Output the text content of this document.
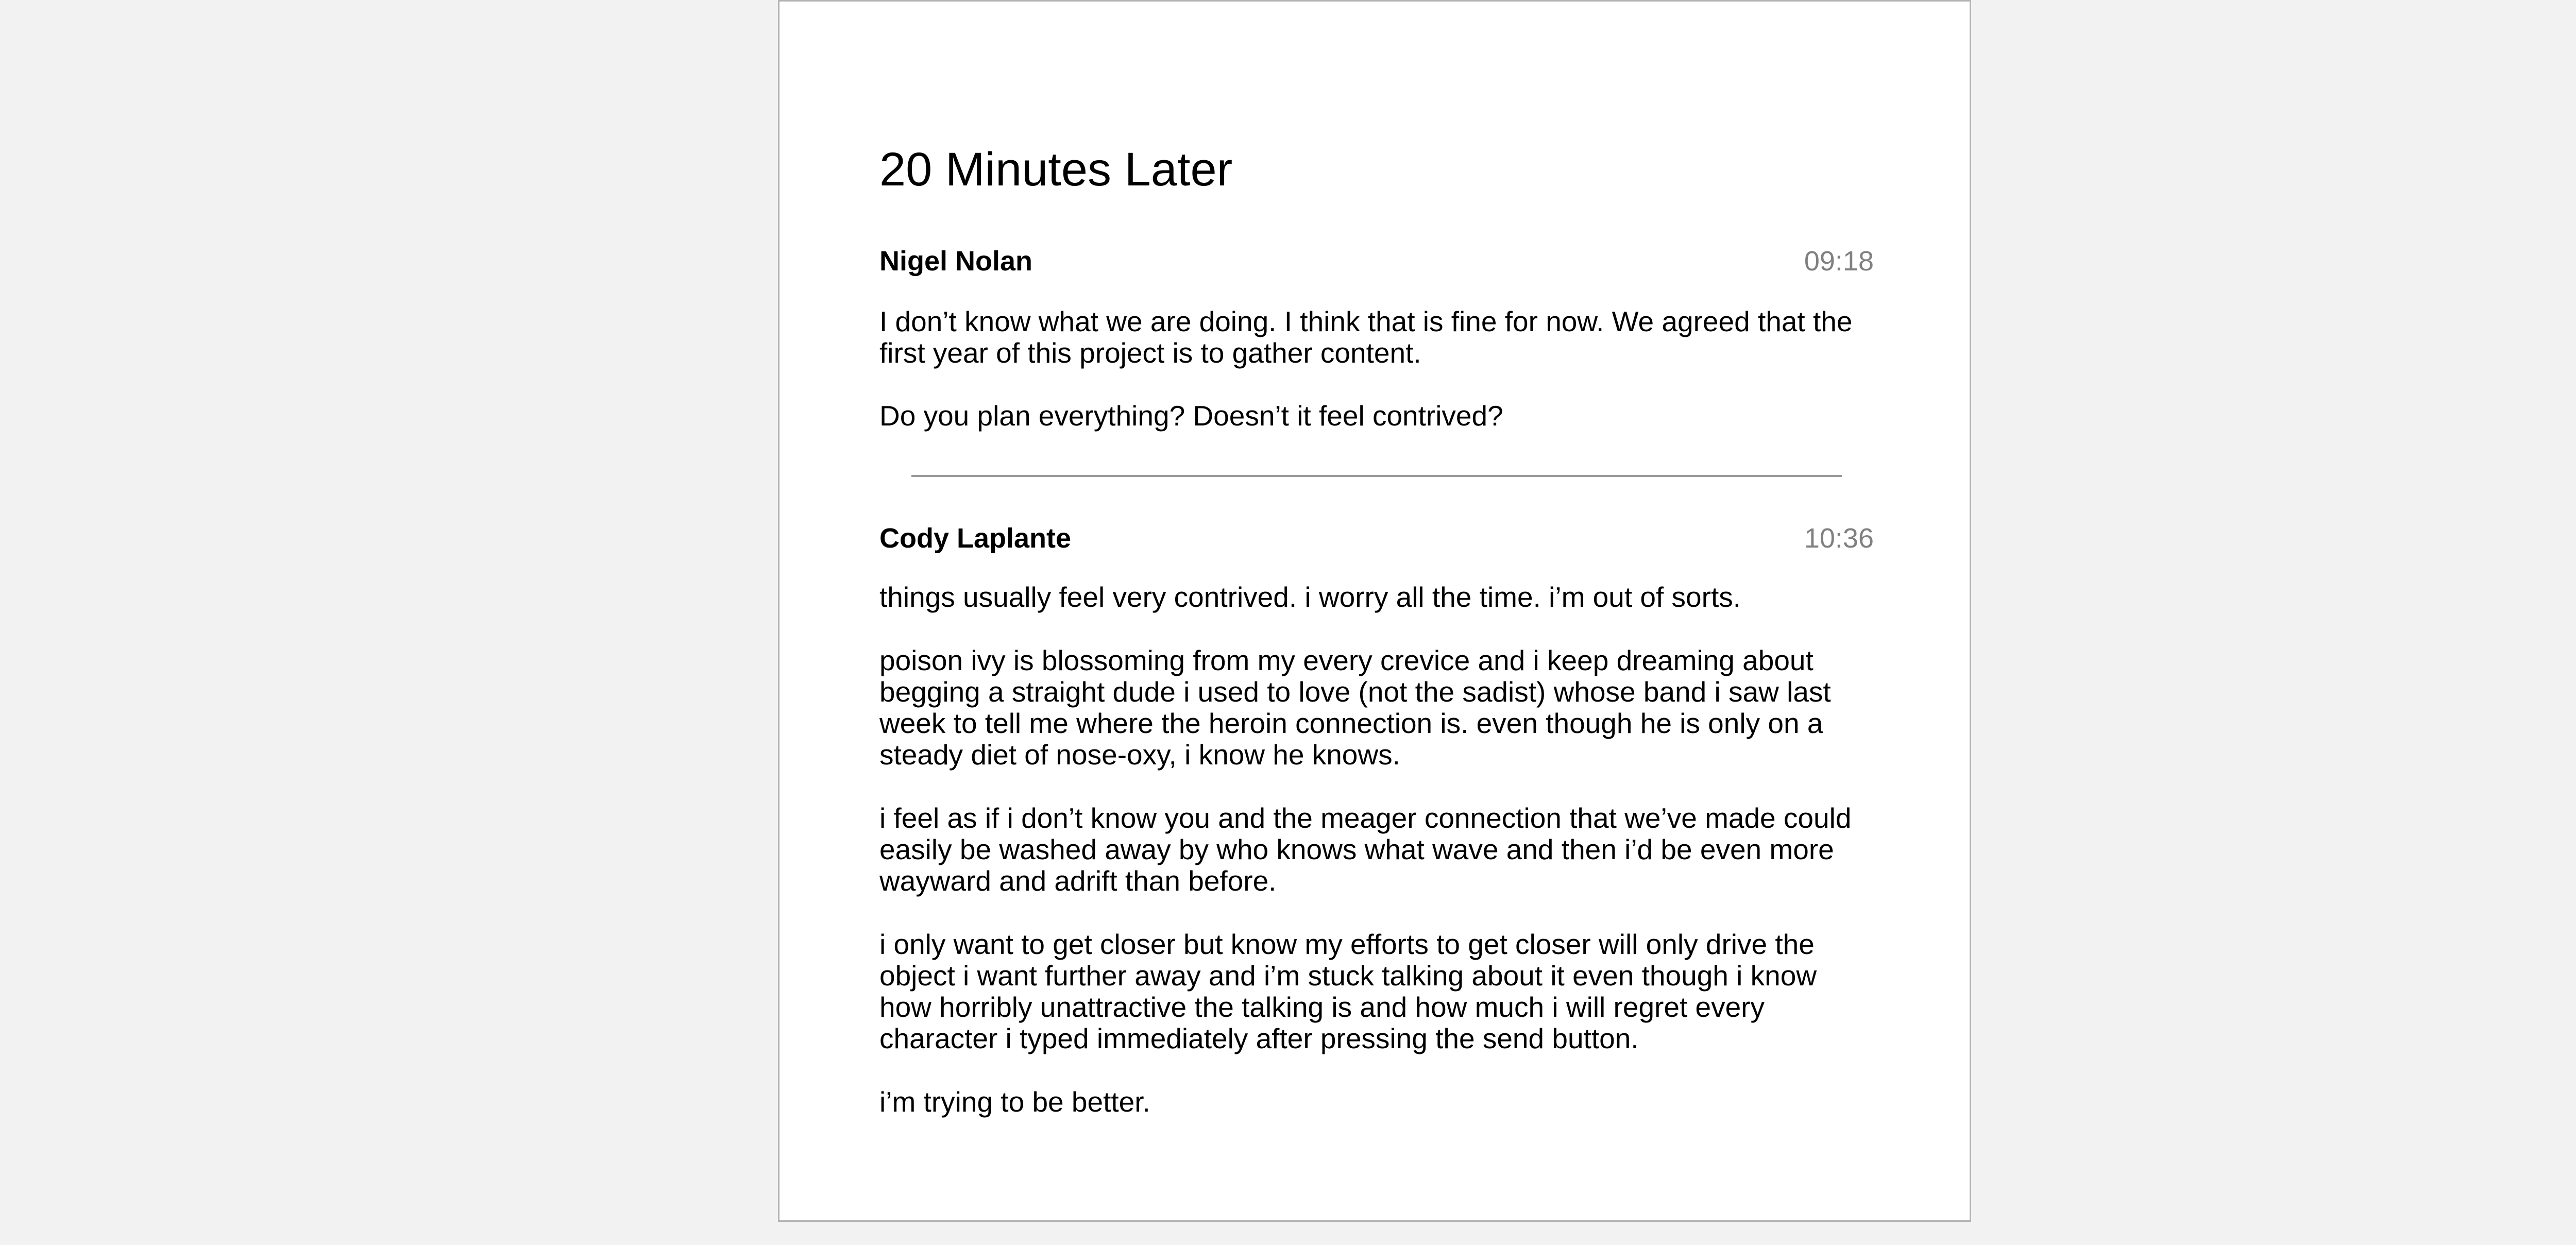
20 Minutes Later
Nigel Nolan	09:18

I don’t know what we are doing. I think that is fine for now. We agreed that the first year of this project is to gather content.

Do you plan everything? Doesn’t it feel contrived?

Cody Laplante	10:36

things usually feel very contrived. i worry all the time. i’m out of sorts.

poison ivy is blossoming from my every crevice and i keep dreaming about begging a straight dude i used to love (not the sadist) whose band i saw last week to tell me where the heroin connection is. even though he is only on a steady diet of nose-oxy, i know he knows.

i feel as if i don’t know you and the meager connection that we’ve made could easily be washed away by who knows what wave and then i’d be even more wayward and adrift than before.

i only want to get closer but know my efforts to get closer will only drive the object i want further away and i’m stuck talking about it even though i know how horribly unattractive the talking is and how much i will regret every character i typed immediately after pressing the send button.

i’m trying to be better.
